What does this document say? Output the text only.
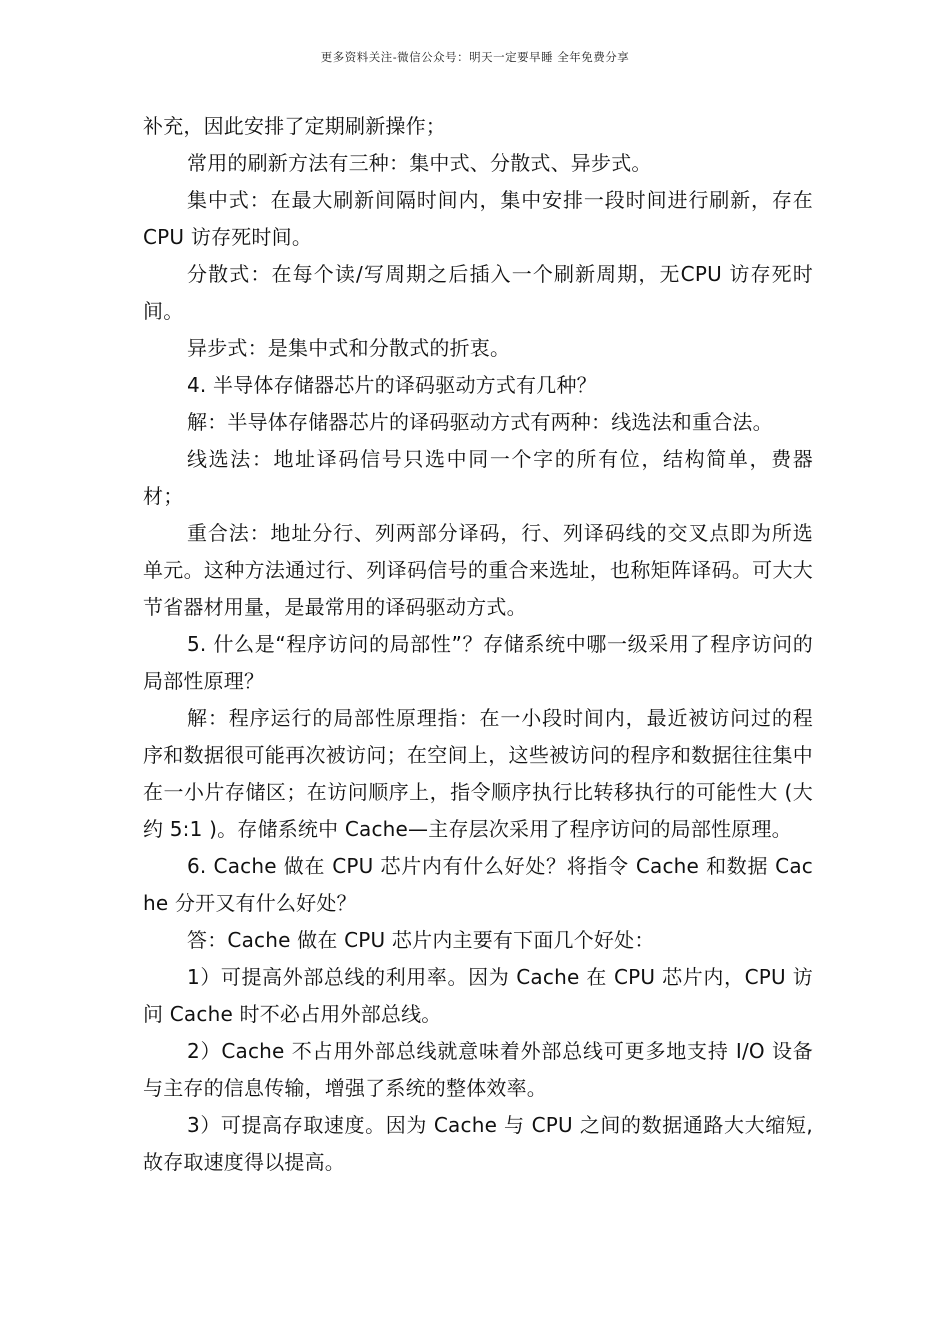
更多资料关注-微信公众号：明天一定要早睡 全年免费分享

补充，因此安排了定期刷新操作；

常用的刷新方法有三种：集中式、分散式、异步式。

集中式：在最大刷新间隔时间内，集中安排一段时间进行刷新，存在 CPU 访存死时间。

分散式：在每个读/写周期之后插入一个刷新周期，无CPU 访存死时间。

异步式：是集中式和分散式的折衷。

4. 半导体存储器芯片的译码驱动方式有几种？

解：半导体存储器芯片的译码驱动方式有两种：线选法和重合法。

线选法：地址译码信号只选中同一个字的所有位，结构简单，费器材；

重合法：地址分行、列两部分译码，行、列译码线的交叉点即为所选单元。这种方法通过行、列译码信号的重合来选址，也称矩阵译码。可大大节省器材用量，是最常用的译码驱动方式。

5. 什么是“程序访问的局部性”？存储系统中哪一级采用了程序访问的局部性原理？

解：程序运行的局部性原理指：在一小段时间内，最近被访问过的程序和数据很可能再次被访问；在空间上，这些被访问的程序和数据往往集中在一小片存储区；在访问顺序上，指令顺序执行比转移执行的可能性大 (大约 5:1 )。存储系统中 Cache—主存层次采用了程序访问的局部性原理。

6. Cache 做在 CPU 芯片内有什么好处？将指令 Cache 和数据 Cache 分开又有什么好处？

答：Cache 做在 CPU 芯片内主要有下面几个好处：

1）可提高外部总线的利用率。因为 Cache 在 CPU 芯片内，CPU 访问 Cache 时不必占用外部总线。

2）Cache 不占用外部总线就意味着外部总线可更多地支持 I/O 设备与主存的信息传输，增强了系统的整体效率。

3）可提高存取速度。因为 Cache 与 CPU 之间的数据通路大大缩短,故存取速度得以提高。
